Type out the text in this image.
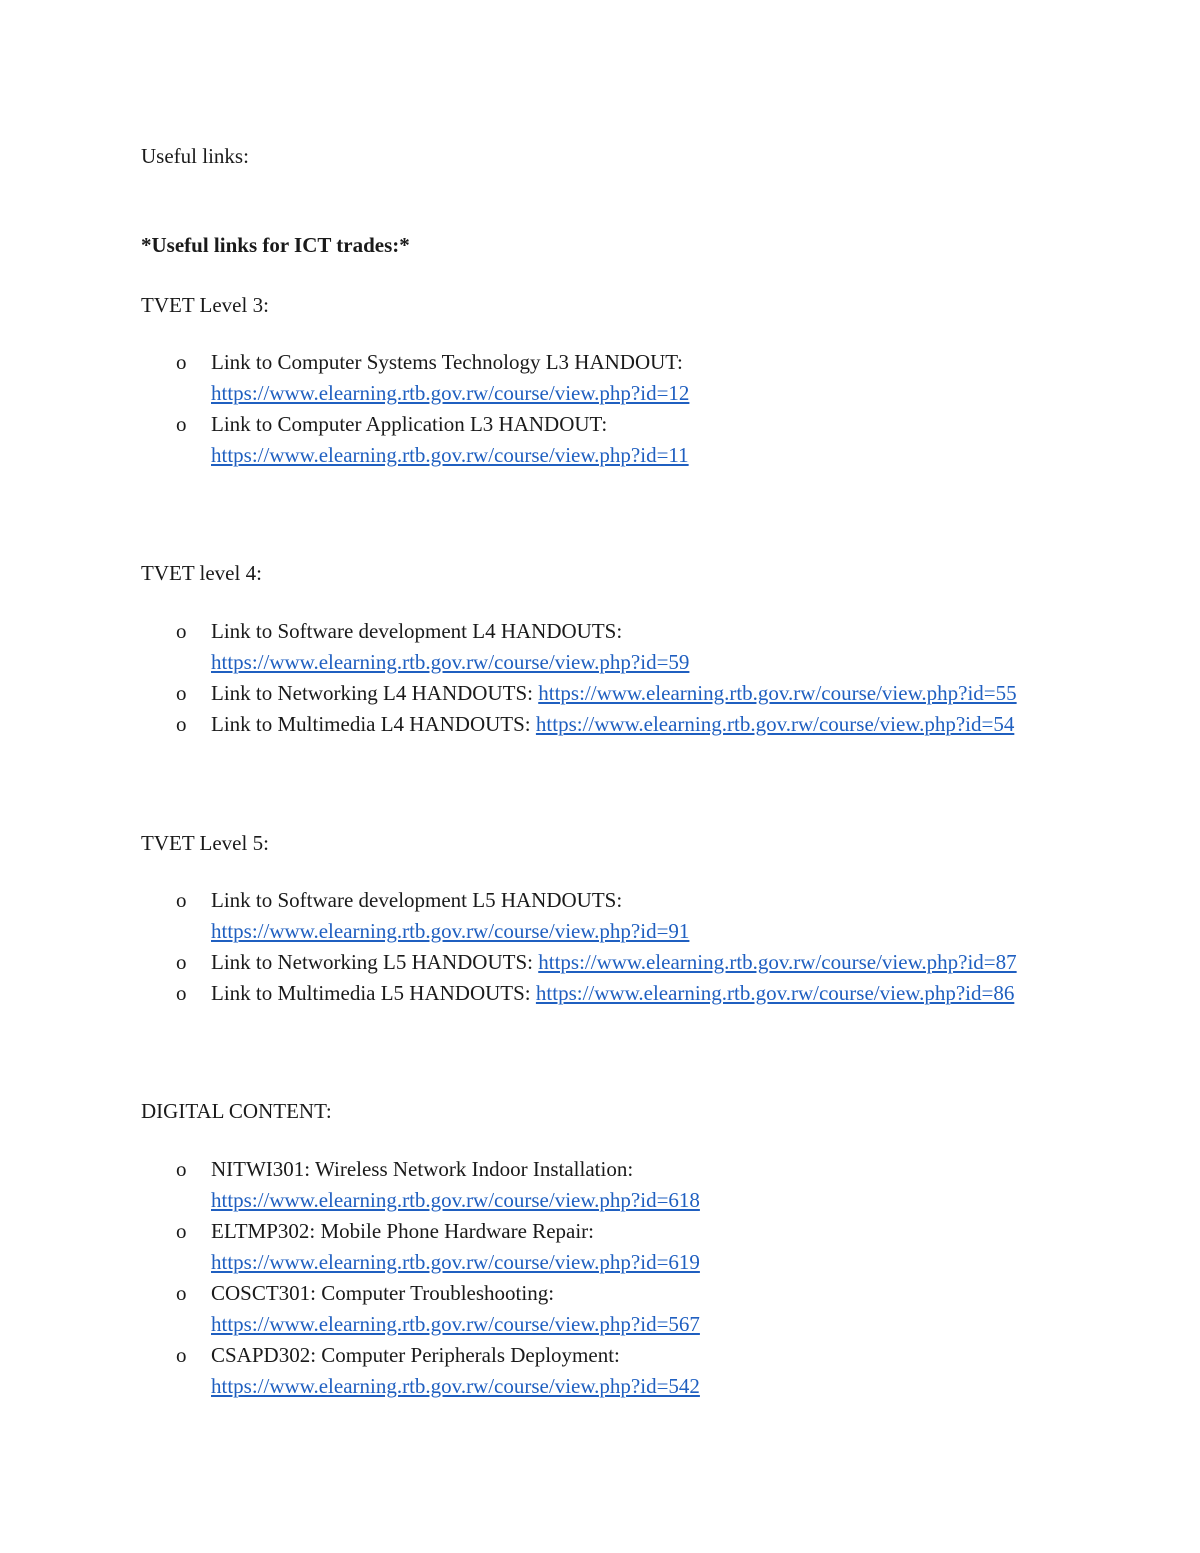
Useful links:
*Useful links for ICT trades:*
TVET Level 3:
o	Link to Computer Systems Technology L3 HANDOUT:
https://www.elearning.rtb.gov.rw/course/view.php?id=12
o	Link to Computer Application L3 HANDOUT:
https://www.elearning.rtb.gov.rw/course/view.php?id=11
TVET level 4:
o	Link to Software development L4 HANDOUTS:
https://www.elearning.rtb.gov.rw/course/view.php?id=59
o	Link to Networking L4 HANDOUTS: https://www.elearning.rtb.gov.rw/course/view.php?id=55
o	Link to Multimedia L4 HANDOUTS: https://www.elearning.rtb.gov.rw/course/view.php?id=54
TVET Level 5:
o	Link to Software development L5 HANDOUTS:
https://www.elearning.rtb.gov.rw/course/view.php?id=91
o	Link to Networking L5 HANDOUTS: https://www.elearning.rtb.gov.rw/course/view.php?id=87
o	Link to Multimedia L5 HANDOUTS: https://www.elearning.rtb.gov.rw/course/view.php?id=86
DIGITAL CONTENT:
o	NITWI301: Wireless Network Indoor Installation:
https://www.elearning.rtb.gov.rw/course/view.php?id=618
o	ELTMP302: Mobile Phone Hardware Repair:
https://www.elearning.rtb.gov.rw/course/view.php?id=619
o	COSCT301: Computer Troubleshooting:
https://www.elearning.rtb.gov.rw/course/view.php?id=567
o	CSAPD302: Computer Peripherals Deployment:
https://www.elearning.rtb.gov.rw/course/view.php?id=542
